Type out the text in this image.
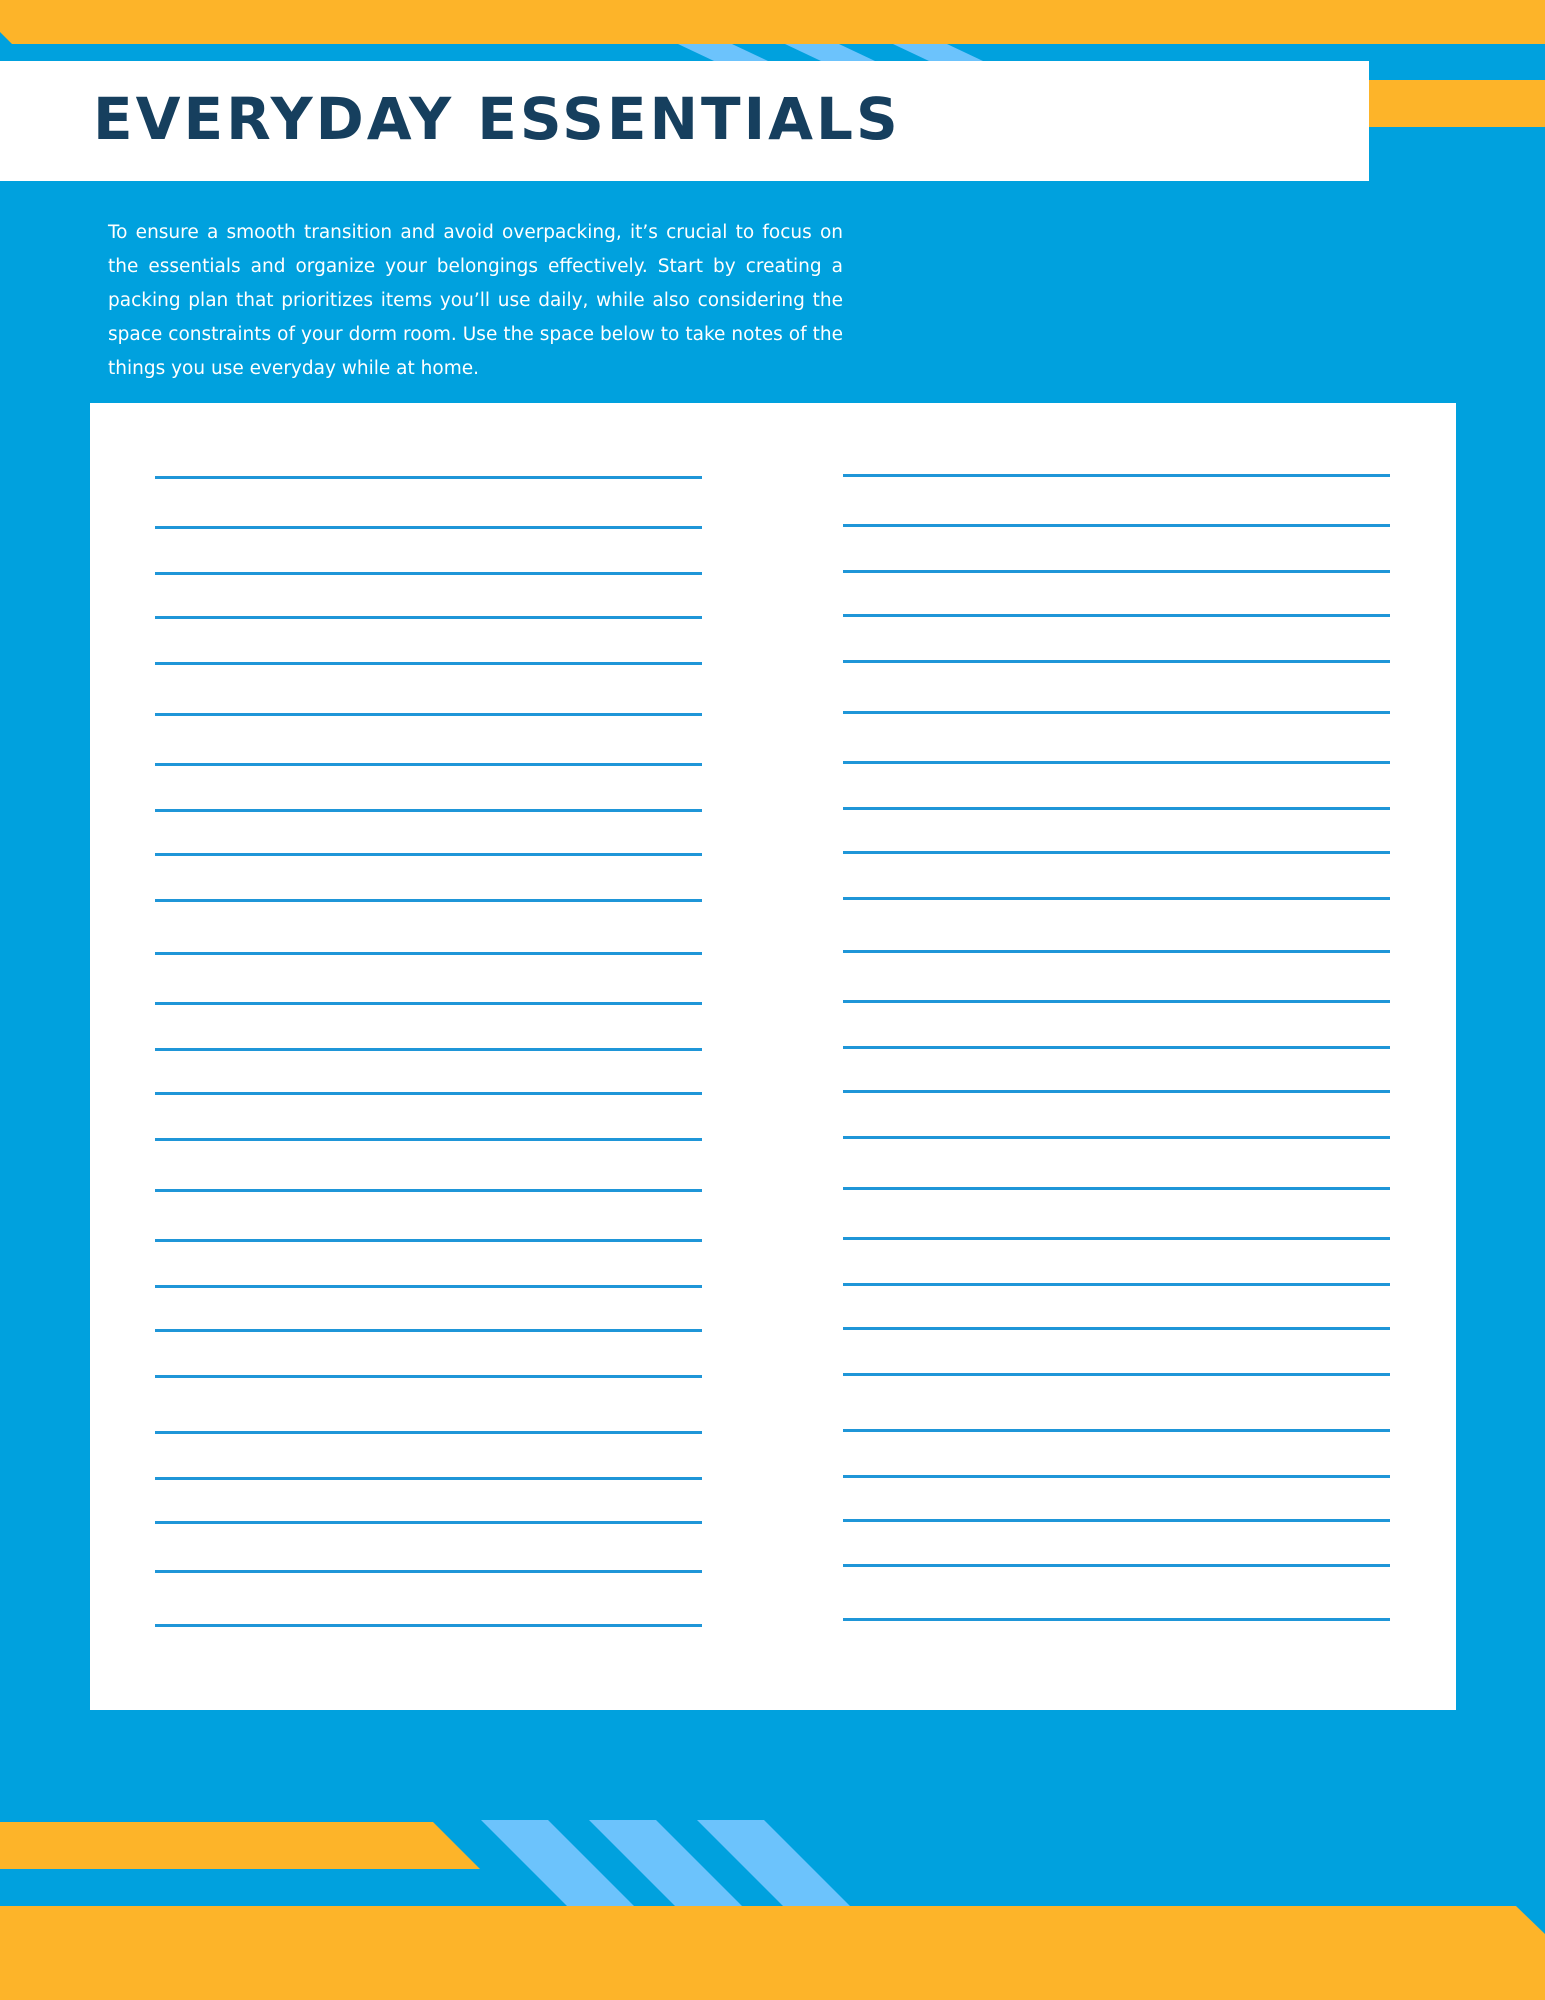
EVERYDAY ESSENTIALS

To ensure a smooth transition and avoid overpacking, it’s crucial to focus on the essentials and organize your belongings effectively. Start by creating a packing plan that prioritizes items you’ll use daily, while also considering the space constraints of your dorm room. Use the space below to take notes of the things you use everyday while at home.
